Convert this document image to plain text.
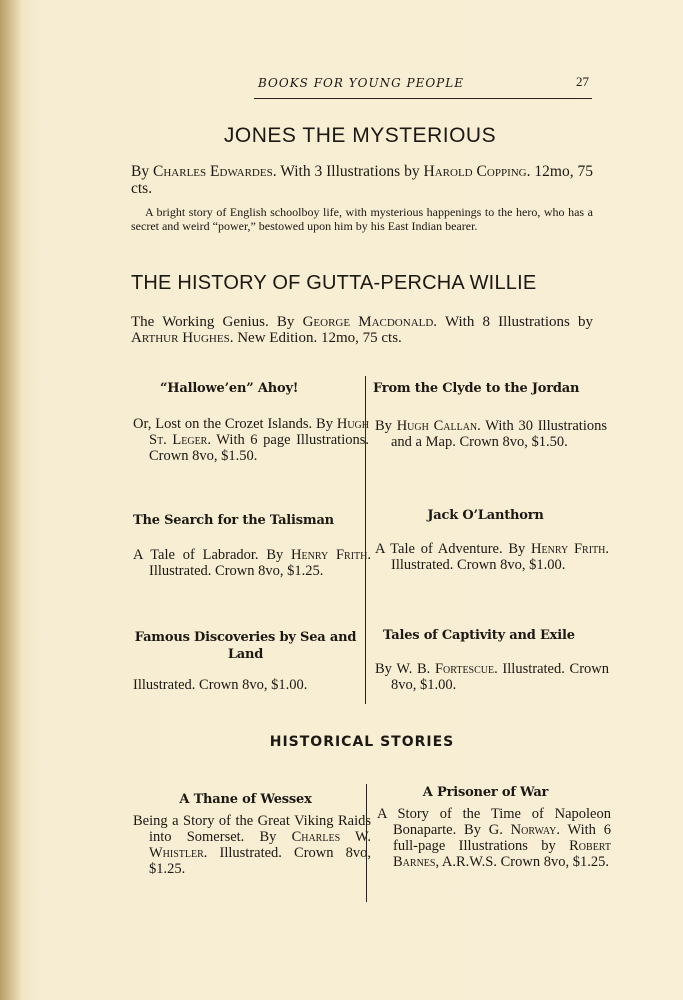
BOOKS FOR YOUNG PEOPLE	27
JONES THE MYSTERIOUS
By Charles Edwardes. With 3 Illustrations by Harold Copping. 12mo, 75 cts.
A bright story of English schoolboy life, with mysterious happenings to the hero, who has a secret and weird “power,” bestowed upon him by his East Indian bearer.
THE HISTORY OF GUTTA-PERCHA WILLIE
The Working Genius. By George Macdonald. With 8 Illustrations by Arthur Hughes. New Edition. 12mo, 75 cts.
“Hallowe’en” Ahoy!
Or, Lost on the Crozet Islands. By Hugh St. Leger. With 6 page Illustrations. Crown 8vo, $1.50.
The Search for the Talisman
A Tale of Labrador. By Henry Frith. Illustrated. Crown 8vo, $1.25.
Famous Discoveries by Sea and Land
Illustrated. Crown 8vo, $1.00.
From the Clyde to the Jordan
By Hugh Callan. With 30 Illustrations and a Map. Crown 8vo, $1.50.
Jack O’Lanthorn
A Tale of Adventure. By Henry Frith. Illustrated. Crown 8vo, $1.00.
Tales of Captivity and Exile
By W. B. Fortescue. Illustrated. Crown 8vo, $1.00.
HISTORICAL STORIES
A Thane of Wessex
Being a Story of the Great Viking Raids into Somerset. By Charles W. Whistler. Illustrated. Crown 8vo, $1.25.
A Prisoner of War
A Story of the Time of Napoleon Bonaparte. By G. Norway. With 6 full-page Illustrations by Robert Barnes, A.R.W.S. Crown 8vo, $1.25.
